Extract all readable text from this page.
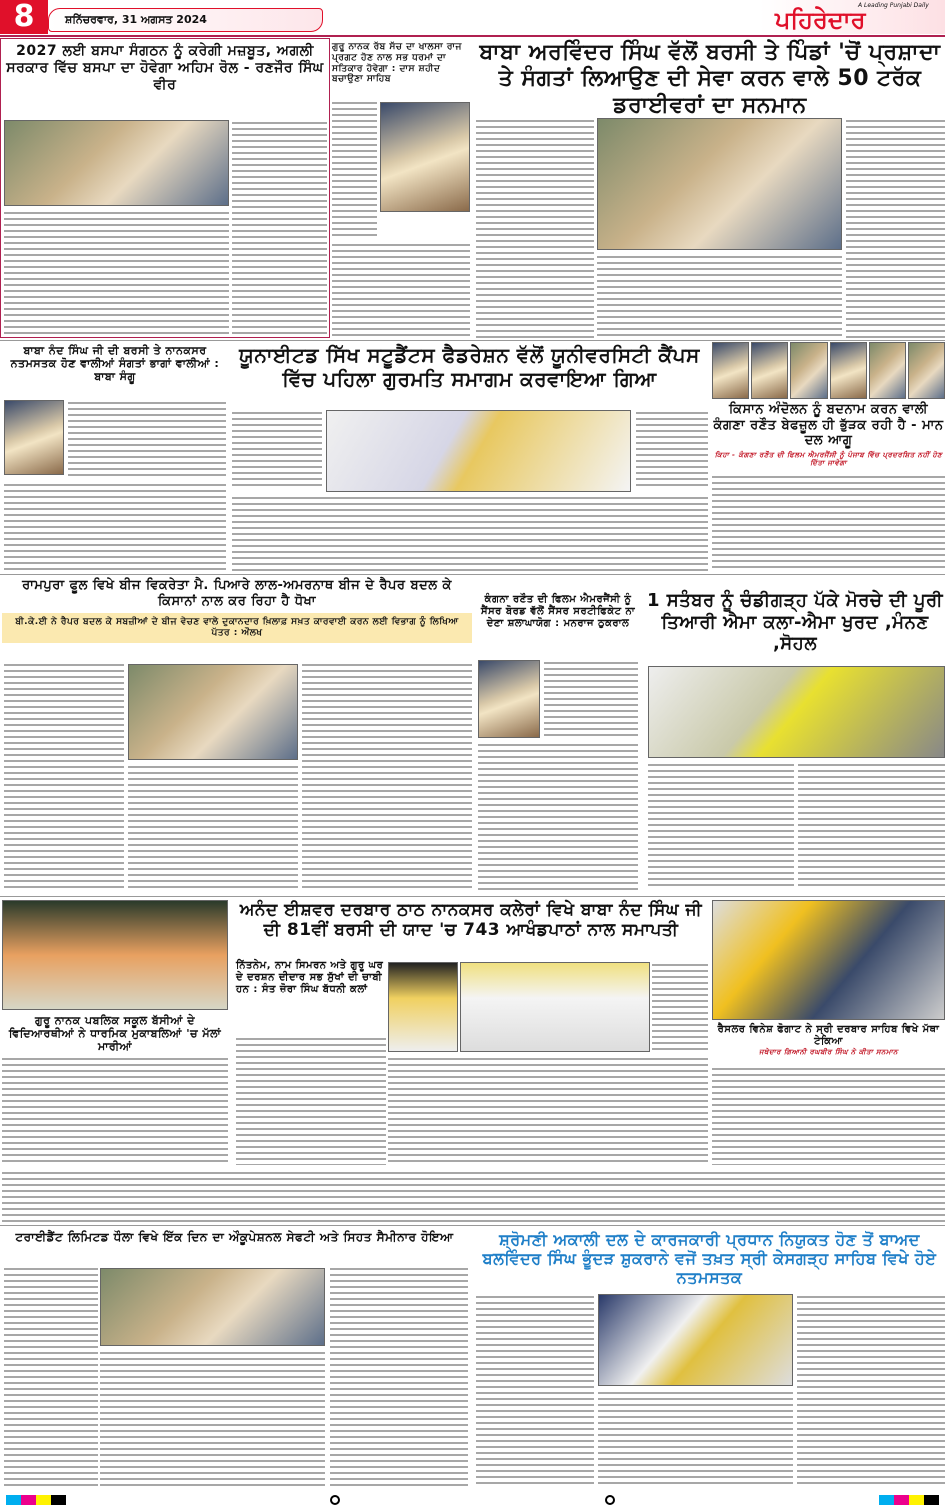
8	ਸ਼ਨਿੱਚਰਵਾਰ, 31 ਅਗਸਤ 2024
A Leading Punjabi Daily
ਪਹਿਰੇਦਾਰ
2027 ਲਈ ਬਸਪਾ ਸੰਗਠਨ ਨੂੰ ਕਰੇਗੀ ਮਜ਼ਬੂਤ, ਅਗਲੀ ਸਰਕਾਰ ਵਿੱਚ ਬਸਪਾ ਦਾ ਹੋਵੇਗਾ ਅਹਿਮ ਰੋਲ - ਰਣਜੌਰ ਸਿੰਘ ਵੀਰ
ਗੁਰੂ ਨਾਨਕ ਰੱਬ ਸੱਚ ਦਾ ਖਾਲਸਾ ਰਾਜ ਪ੍ਰਗਟ ਹੋਣ ਨਾਲ ਸਭ ਧਰਮਾਂ ਦਾ ਸਤਿਕਾਰ ਹੋਵੇਗਾ : ਦਾਸ ਸ਼ਹੀਦ ਬਚਾਉਣਾ ਸਾਹਿਬ
ਬਾਬਾ ਅਰਵਿੰਦਰ ਸਿੰਘ ਵੱਲੋਂ ਬਰਸੀ ਤੇ ਪਿੰਡਾਂ 'ਚੋਂ ਪ੍ਰਸ਼ਾਦਾ ਤੇ ਸੰਗਤਾਂ ਲਿਆਉਣ ਦੀ ਸੇਵਾ ਕਰਨ ਵਾਲੇ 50 ਟਰੱਕ ਡਰਾਈਵਰਾਂ ਦਾ ਸਨਮਾਨ
ਬਾਬਾ ਨੰਦ ਸਿੰਘ ਜੀ ਦੀ ਬਰਸੀ ਤੇ ਨਾਨਕਸਰ ਨਤਮਸਤਕ ਹੋਣ ਵਾਲੀਆਂ ਸੰਗਤਾਂ ਭਾਗਾਂ ਵਾਲੀਆਂ : ਬਾਬਾ ਸੰਗੂ
ਯੂਨਾਈਟਡ ਸਿੱਖ ਸਟੂਡੈਂਟਸ ਫੈਡਰੇਸ਼ਨ ਵੱਲੋਂ ਯੂਨੀਵਰਸਿਟੀ ਕੈਂਪਸ ਵਿੱਚ ਪਹਿਲਾ ਗੁਰਮਤਿ ਸਮਾਗਮ ਕਰਵਾਇਆ ਗਿਆ
ਕਿਸਾਨ ਅੰਦੋਲਨ ਨੂੰ ਬਦਨਾਮ ਕਰਨ ਵਾਲੀ ਕੰਗਣਾ ਰਣੌਤ ਬੇਫਜ਼ੂਲ ਹੀ ਭੁੱੜਕ ਰਹੀ ਹੈ - ਮਾਨ ਦਲ ਆਗੂ
ਕਿਹਾ - ਕੰਗਣਾ ਰਣੌਤ ਦੀ ਫਿਲਮ ਐਮਰਜੈਂਸੀ ਨੂੰ ਪੰਜਾਬ ਵਿੱਚ ਪ੍ਰਦਰਸ਼ਿਤ ਨਹੀਂ ਹੋਣ ਦਿੱਤਾ ਜਾਵੇਗਾ
ਰਾਮਪੁਰਾ ਫੂਲ ਵਿਖੇ ਬੀਜ ਵਿਕਰੇਤਾ ਮੈ. ਪਿਆਰੇ ਲਾਲ-ਅਮਰਨਾਥ ਬੀਜ ਦੇ ਰੈਪਰ ਬਦਲ ਕੇ ਕਿਸਾਨਾਂ ਨਾਲ ਕਰ ਰਿਹਾ ਹੈ ਧੋਖਾ
ਬੀ.ਕੇ.ਈ ਨੇ ਰੈਪਰ ਬਦਲ ਕੇ ਸਬਜ਼ੀਆਂ ਦੇ ਬੀਜ ਵੇਚਣ ਵਾਲੇ ਦੁਕਾਨਦਾਰ ਖ਼ਿਲਾਫ਼ ਸਖ਼ਤ ਕਾਰਵਾਈ ਕਰਨ ਲਈ ਵਿਭਾਗ ਨੂੰ ਲਿਖਿਆ ਪੱਤਰ : ਔਲਖ
ਕੰਗਨਾ ਰਣੌਤ ਦੀ ਫਿਲਮ ਐਮਰਜੈਂਸੀ ਨੂੰ ਸੈਂਸਰ ਬੋਰਡ ਵੱਲੋਂ ਸੈਂਸਰ ਸਰਟੀਫਿਕੇਟ ਨਾ ਦੇਣਾ ਸ਼ਲਾਘਾਯੋਗ : ਮਨਰਾਜ ਠੁਕਰਾਲ
1 ਸਤੰਬਰ ਨੂੰ ਚੰਡੀਗੜ੍ਹ ਪੱਕੇ ਮੋਰਚੇ ਦੀ ਪੂਰੀ ਤਿਆਰੀ ਐਮਾ ਕਲਾ-ਐਮਾ ਖੁਰਦ ,ਮੰਨਣ ,ਸੋਹਲ
ਗੁਰੂ ਨਾਨਕ ਪਬਲਿਕ ਸਕੂਲ ਬੱਸੀਆਂ ਦੇ ਵਿਦਿਆਰਥੀਆਂ ਨੇ ਧਾਰਮਿਕ ਮੁਕਾਬਲਿਆਂ 'ਚ ਮੱਲਾਂ ਮਾਰੀਆਂ
ਅਨੰਦ ਈਸ਼ਵਰ ਦਰਬਾਰ ਠਾਠ ਨਾਨਕਸਰ ਕਲੇਰਾਂ ਵਿਖੇ ਬਾਬਾ ਨੰਦ ਸਿੰਘ ਜੀ ਦੀ 81ਵੀਂ ਬਰਸੀ ਦੀ ਯਾਦ 'ਚ 743 ਆਖੰਡਪਾਠਾਂ ਨਾਲ ਸਮਾਪਤੀ
ਨਿੱਤਨੇਮ, ਨਾਮ ਸਿਮਰਨ ਅਤੇ ਗੁਰੂ ਘਰ ਦੇ ਦਰਸ਼ਨ ਦੀਦਾਰ ਸਭ ਸੁੱਖਾਂ ਦੀ ਚਾਬੀ ਹਨ : ਸੰਤ ਜ਼ੋਰਾ ਸਿੰਘ ਬੱਧਨੀ ਕਲਾਂ
ਰੈਸਲਰ ਵਿਨੇਸ਼ ਫੋਗਾਟ ਨੇ ਸ੍ਰੀ ਦਰਬਾਰ ਸਾਹਿਬ ਵਿਖੇ ਮੱਥਾ ਟੇਕਿਆ
ਜਥੇਦਾਰ ਗਿਆਨੀ ਰਘਬੀਰ ਸਿੰਘ ਨੇ ਕੀਤਾ ਸਨਮਾਨ
ਟਰਾਈਡੈਂਟ ਲਿਮਿਟਡ ਧੌਲਾ ਵਿਖੇ ਇੱਕ ਦਿਨ ਦਾ ਔਕੂਪੇਸ਼ਨਲ ਸੇਫਟੀ ਅਤੇ ਸਿਹਤ ਸੈਮੀਨਾਰ ਹੋਇਆ	ਸ਼੍ਰੋਮਣੀ ਅਕਾਲੀ ਦਲ ਦੇ ਕਾਰਜਕਾਰੀ ਪ੍ਰਧਾਨ ਨਿਯੁਕਤ ਹੋਣ ਤੋਂ ਬਾਅਦ ਬਲਵਿੰਦਰ ਸਿੰਘ ਭੂੰਦੜ ਸ਼ੁਕਰਾਨੇ ਵਜੋਂ ਤਖ਼ਤ ਸ੍ਰੀ ਕੇਸਗੜ੍ਹ ਸਾਹਿਬ ਵਿਖੇ ਹੋਏ ਨਤਮਸਤਕ
